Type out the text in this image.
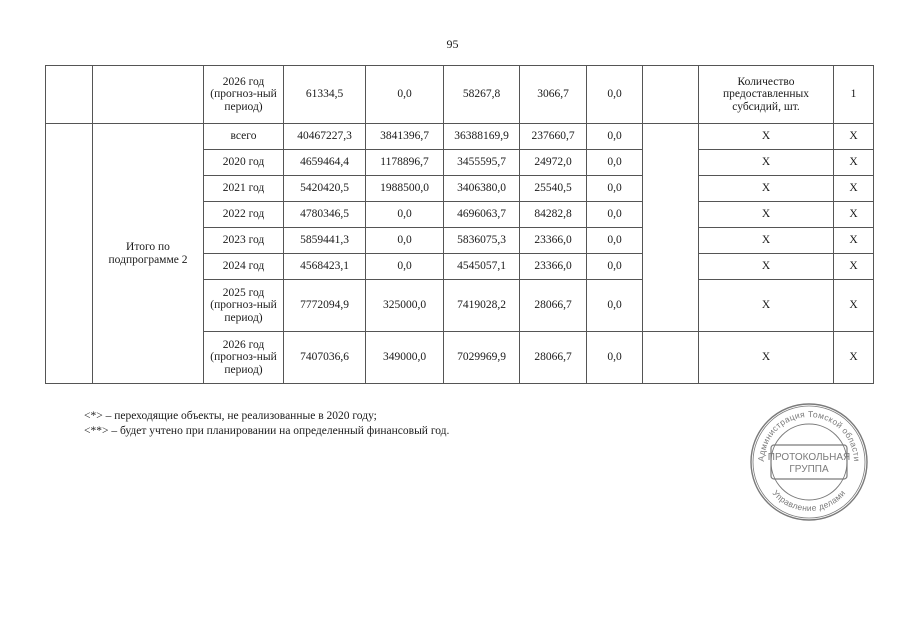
95
		2026 год (прогноз-ный период)	61334,5	0,0	58267,8	3066,7	0,0		Количество предоставленных субсидий, шт.	1
	Итого по подпрограмме 2	всего	40467227,3	3841396,7	36388169,9	237660,7	0,0		X	X
		2020 год	4659464,4	1178896,7	3455595,7	24972,0	0,0		X	X
		2021 год	5420420,5	1988500,0	3406380,0	25540,5	0,0		X	X
		2022 год	4780346,5	0,0	4696063,7	84282,8	0,0		X	X
		2023 год	5859441,3	0,0	5836075,3	23366,0	0,0		X	X
		2024 год	4568423,1	0,0	4545057,1	23366,0	0,0		X	X
		2025 год (прогноз-ный период)	7772094,9	325000,0	7419028,2	28066,7	0,0		X	X
		2026 год (прогноз-ный период)	7407036,6	349000,0	7029969,9	28066,7	0,0		X	X
<*> – переходящие объекты, не реализованные в 2020 году;
<**> – будет учтено при планировании на определенный финансовый год.
Администрация Томской области
Управление делами
ПРОТОКОЛЬНАЯ
ГРУППА
